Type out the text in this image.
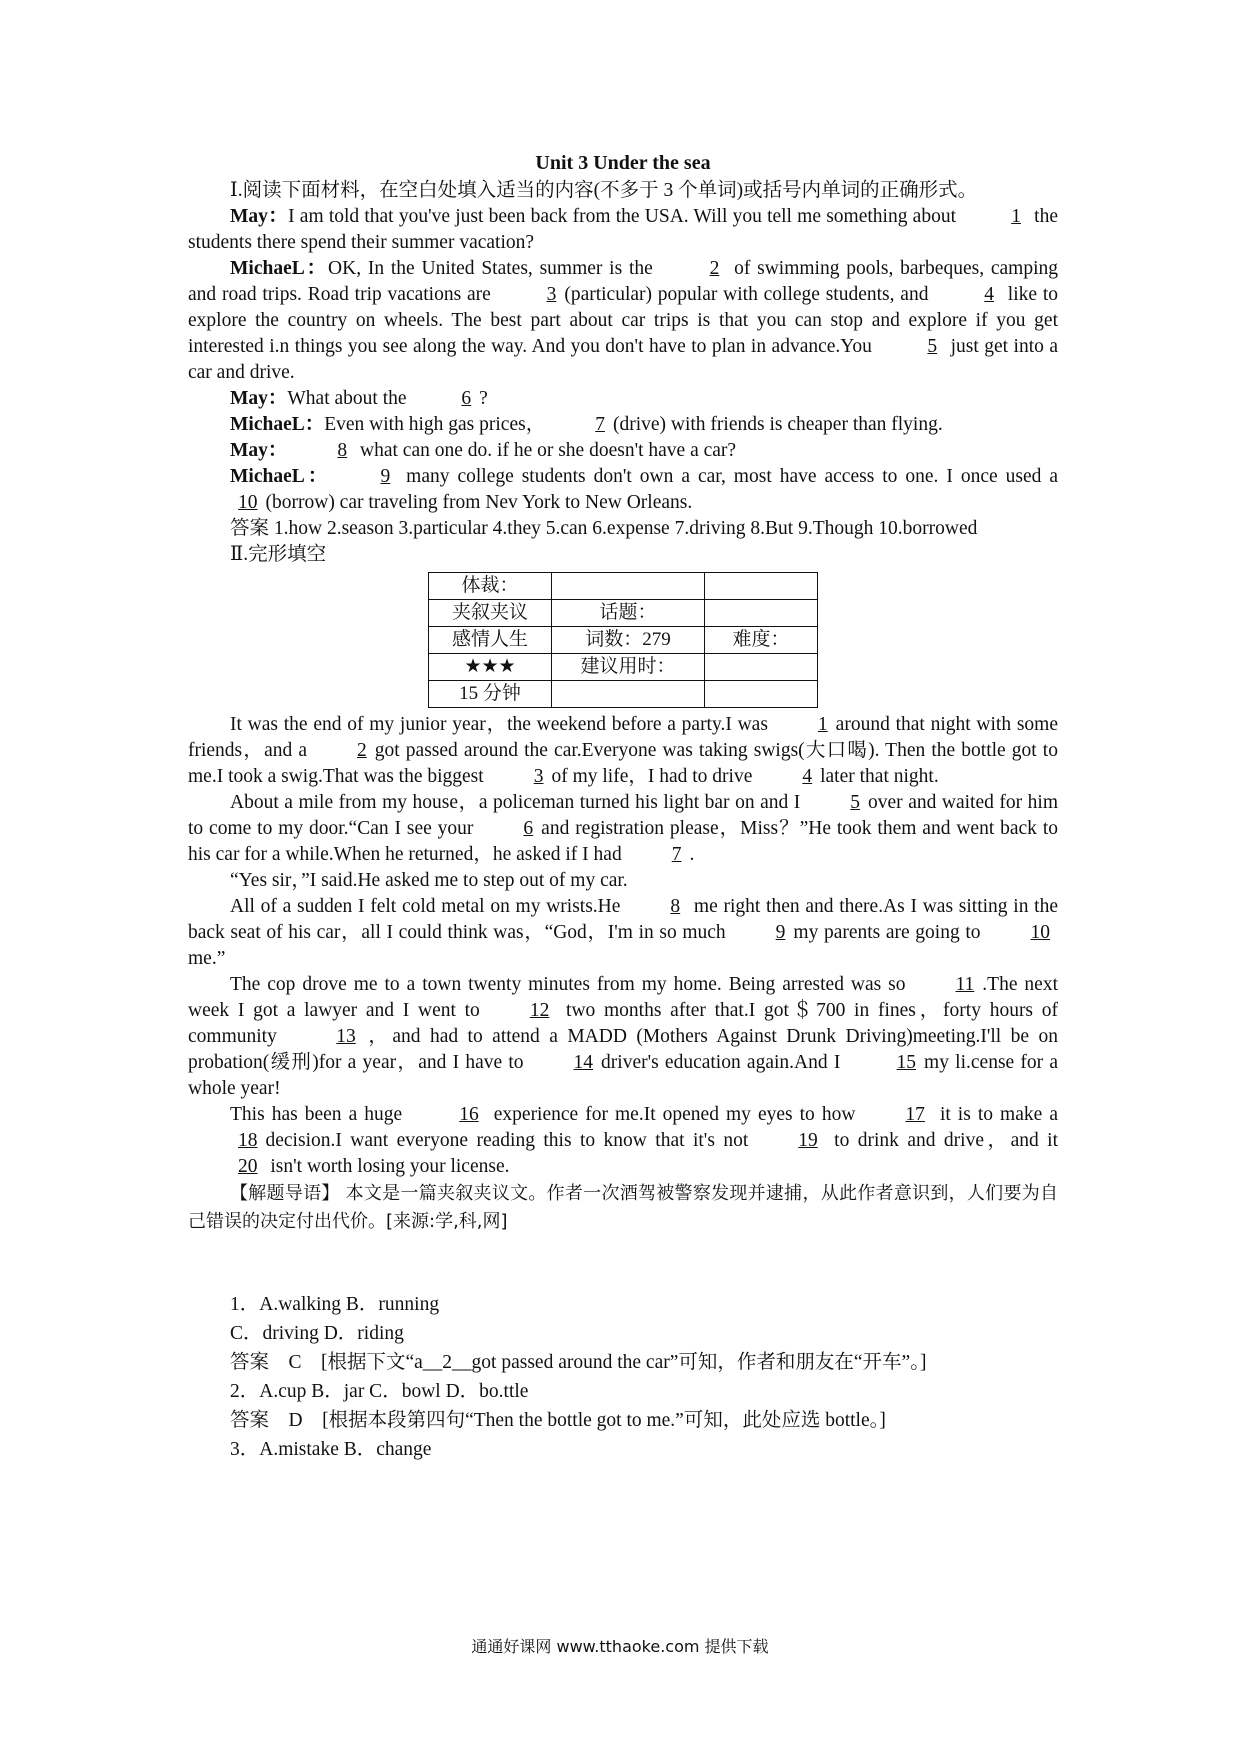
Unit 3 Under the sea

Ⅰ.阅读下面材料，在空白处填入适当的内容(不多于 3 个单词)或括号内单词的正确形式。

May：I am told that you've just been back from the USA. Will you tell me something about	1 the students there spend their summer vacation?

MichaeL：OK, In the United States, summer is the	2 of swimming pools, barbeques, camping and road trips. Road trip vacations are	3 (particular) popular with college students, and	4 like to explore the country on wheels. The best part about car trips is that you can stop and explore if you get interested i.n things you see along the way. And you don't have to plan in advance.You	5 just get into a car and drive.

May：What about the	6 ?

MichaeL：Even with high gas prices，	7 (drive) with friends is cheaper than flying.

May：	8 what can one do. if he or she doesn't have a car?

MichaeL：	9 many college students don't own a car, most have access to one. I once used a 10 (borrow) car traveling from Nev York to New Orleans.

答案 1.how 2.season 3.particular 4.they 5.can 6.expense 7.driving 8.But 9.Though 10.borrowed

Ⅱ.完形填空

体裁：		
夹叙夹议	话题：	
感情人生	词数：279	难度：
★★★	建议用时：	
15 分钟		

It was the end of my junior year，the weekend before a party.I was	1 around that night with some friends，and a	2 got passed around the car.Everyone was taking swigs(大口喝). Then the bottle got to me.I took a swig.That was the biggest	3 of my life，I had to drive	4 later that night.

About a mile from my house，a policeman turned his light bar on and I	5 over and waited for him to come to my door.“Can I see your	6 and registration please，Miss？”He took them and went back to his car for a while.When he returned，he asked if I had	7 .

“Yes sir，”I said.He asked me to step out of my car.

All of a sudden I felt cold metal on my wrists.He	8 me right then and there.As I was sitting in the back seat of his car，all I could think was，“God，I'm in so much	9 my parents are going to	10me.”

The cop drove me to a town twenty minutes from my home. Being arrested was so	11 .The next week I got a lawyer and I went to	12 two months after that.I got＄700 in fines，forty hours of community	13 ，and had to attend a MADD (Mothers Against Drunk Driving)meeting.I'll be on probation(缓刑)for a year，and I have to	14 driver's education again.And I	15 my li.cense for a whole year!

This has been a huge	16 experience for me.It opened my eyes to how	17 it is to make a 18 decision.I want everyone reading this to know that it's not	19 to drink and drive，and it20 isn't worth losing your license.

【解题导语】 本文是一篇夹叙夹议文。作者一次酒驾被警察发现并逮捕，从此作者意识到，人们要为自己错误的决定付出代价。[来源:学,科,网]

1．A.walking B．running

C．driving D．riding

答案　C　[根据下文“a__2__got passed around the car”可知，作者和朋友在“开车”。]

2．A.cup B．jar C．bowl D．bo.ttle

答案　D　[根据本段第四句“Then the bottle got to me.”可知，此处应选 bottle。]

3．A.mistake B．change

通通好课网 www.tthaoke.com 提供下载
